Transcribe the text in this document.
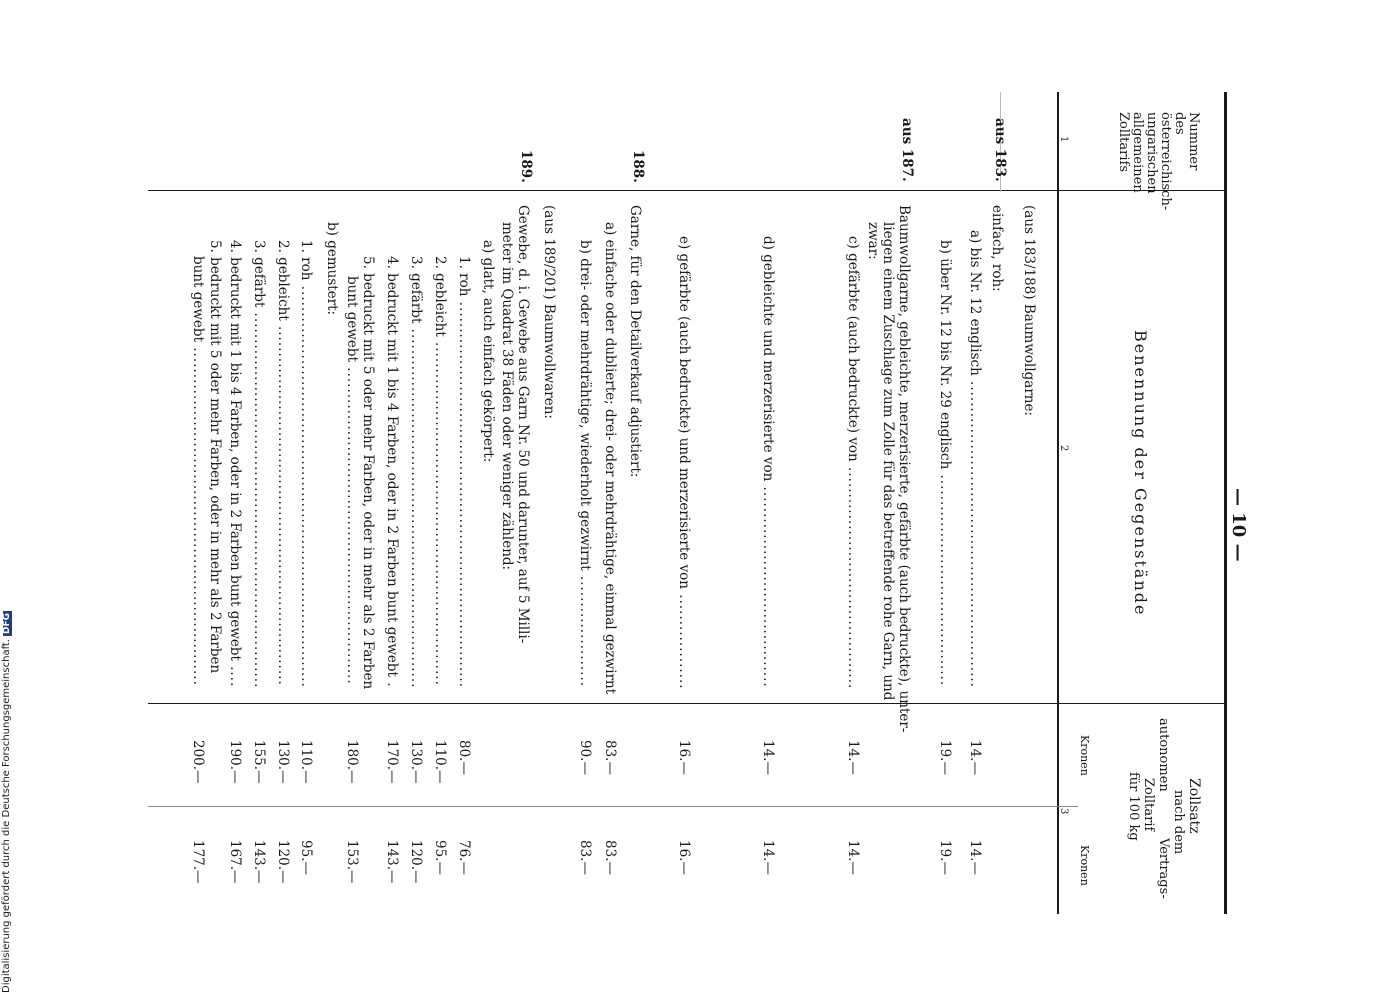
— 10 —
Nummer
des
österreichisch-
ungarischen
allgemeinen
Zolltarifs
Benennung der Gegenstände
Zollsatz
nach dem
autonomen
Zolltarif
Vertrags-
für 100 kg
Kronen
Kronen
1
2
3
(aus 183/188) Baumwollgarne:
aus 183.
einfach, roh:
a) bis Nr. 12 englisch ..........................................................
14.—
14.—
b) über Nr. 12 bis Nr. 29 englisch ........................................
19.—
19.—
aus 187.
Baumwollgarne, gebleichte, merzerisierte, gefärbte (auch bedruckte), unter-
liegen einem Zuschlage zum Zolle für das betreffende rohe Garn, und
zwar:
c) gefärbte (auch bedruckte) von ..........................................
14.—
14.—
d) gebleichte und merzerisierte von ......................................
14.—
14.—
e) gefärbte (auch bedruckte) und merzerisierte von ..................
16.—
16.—
188.
Garne, für den Detailverkauf adjustiert:
a) einfache oder dublierte; drei- oder mehrdrähtige, einmal gezwirnt
83.—
83.—
b) drei- oder mehrdrähtige, wiederholt gezwirnt .....................
90.—
83.—
(aus 189/201) Baumwollwaren:
189.
Gewebe, d. i. Gewebe aus Garn Nr. 50 und darunter, auf 5 Milli-
meter im Quadrat 38 Fäden oder weniger zählend:
a) glatt, auch einfach gekörpert:
1. roh .........................................................................
80.—
76.—
2. gebleicht .................................................................
110.—
95.—
3. gefärbt ....................................................................
130.—
120.—
4. bedruckt mit 1 bis 4 Farben, oder in 2 Farben bunt gewebt .
170.—
143.—
5. bedruckt mit 5 oder mehr Farben, oder in mehr als 2 Farben
bunt gewebt ............................................................
180.—
153.—
b) gemustert:
1. roh ............................................................................
110.—
95.—
2. gebleicht ....................................................................
130.—
120.—
3. gefärbt .......................................................................
155.—
143.—
4. bedruckt mit 1 bis 4 Farben, oder in 2 Farben bunt gewebt ....
190.—
167.—
5. bedruckt mit 5 oder mehr Farben, oder in mehr als 2 Farben
bunt gewebt ................................................................
200.—
177.—
Digitalisierung gefördert durch die Deutsche Forschungsgemeinschaft.DFG
